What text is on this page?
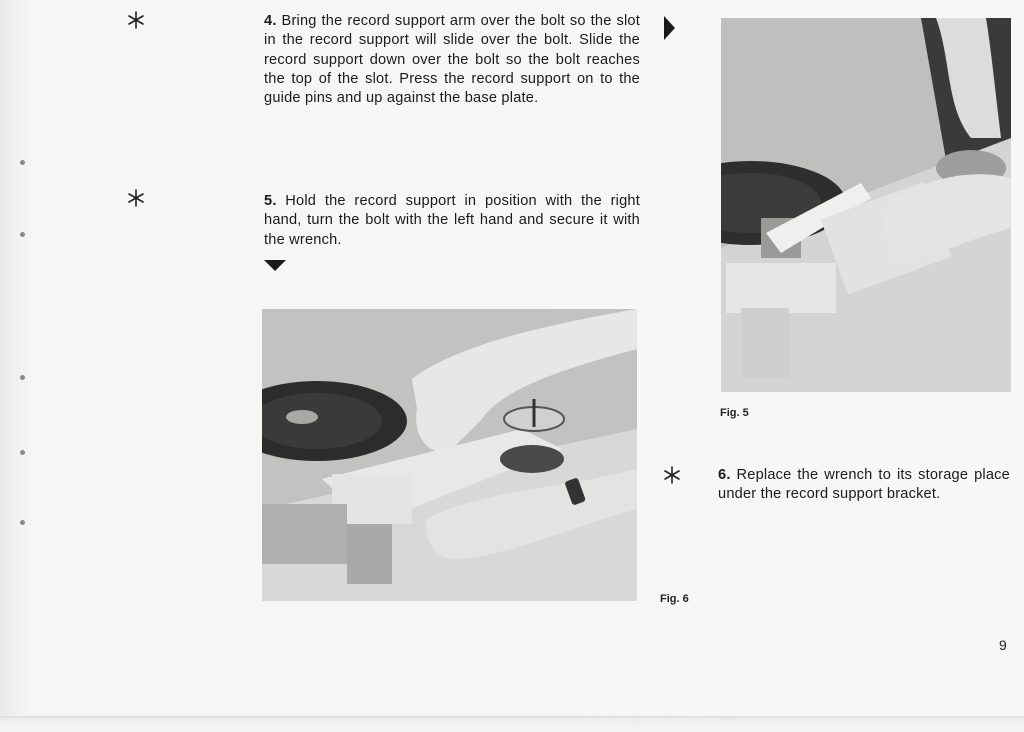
4. Bring the record support arm over the bolt so the slot in the record support will slide over the bolt. Slide the record support down over the bolt so the bolt reaches the top of the slot. Press the record support on to the guide pins and up against the base plate.
5. Hold the record support in position with the right hand, turn the bolt with the left hand and secure it with the wrench.
Fig. 5
Fig. 6
6. Replace the wrench to its storage place under the record support bracket.
9
